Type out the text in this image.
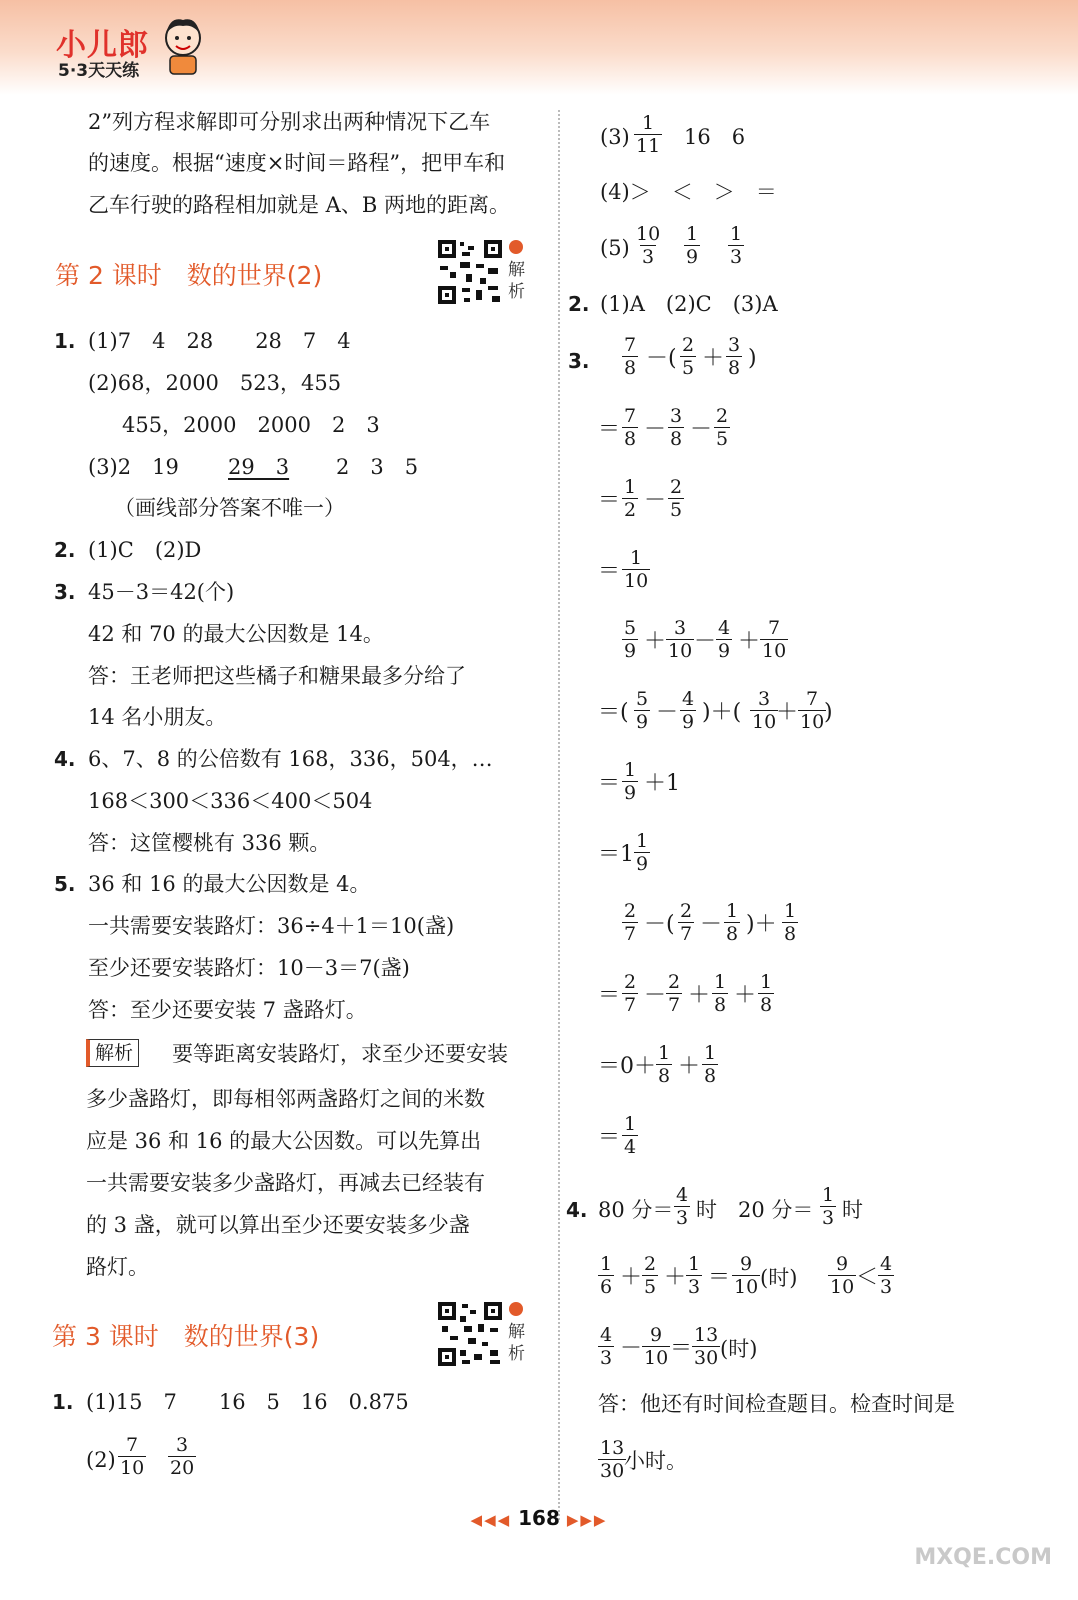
小儿郎
5·3天天练
2”列方程求解即可分别求出两种情况下乙车
的速度。根据“速度×时间＝路程”，把甲车和
乙车行驶的路程相加就是 A、B 两地的距离。
第 2 课时　数的世界(2)	解析
1. (1)7　4　28　　28　7　4
(2)68，2000　523，455
455，2000　2000　2　3
(3)2　19 29　3 2　3　5
（画线部分答案不唯一）
2. (1)C　(2)D
3. 45－3＝42(个)
42 和 70 的最大公因数是 14。
答：王老师把这些橘子和糖果最多分给了
14 名小朋友。
4. 6、7、8 的公倍数有 168，336，504，…
168＜300＜336＜400＜504
答：这筐樱桃有 336 颗。
5. 36 和 16 的最大公因数是 4。
一共需要安装路灯：36÷4＋1＝10(盏)
至少还要安装路灯：10－3＝7(盏)
答：至少还要安装 7 盏路灯。
解析 要等距离安装路灯，求至少还要安装
多少盏路灯，即每相邻两盏路灯之间的米数
应是 36 和 16 的最大公因数。可以先算出
一共需要安装多少盏路灯，再减去已经装有
的 3 盏，就可以算出至少还要安装多少盏
路灯。
第 3 课时　数的世界(3)	解析
1. (1)15　7　　16　5　16　0.875
$(2) \frac{7}{10} \frac{3}{20}$
$(3) \frac{1}{11} 16$　6
(4)＞　＜　＞　＝
$(5) \frac{10}{3} \frac{1}{9} \frac{1}{3}$
2. (1)A　(2)C　(3)A
3. $\frac{7}{8}$ －( $\frac{2}{5} + \frac{3}{8}$ )
＝ $\frac{7}{8} - \frac{3}{8} - \frac{2}{5}$
＝ $\frac{1}{2} - \frac{2}{5}$
＝ $\frac{1}{10}$
$\frac{5}{9} + \frac{3}{10} - \frac{4}{9} + \frac{7}{10}$
＝( $\frac{5}{9} - \frac{4}{9}$ )＋( $\frac{3}{10}$
＋ $\frac{7}{10}$
)
＝ $\frac{1}{9} +1$
$=1 \frac{1}{9}$
$\frac{2}{7}$ －( $\frac{2}{7} - \frac{1}{8}$ )＋ $\frac{1}{8}$
＝ $\frac{2}{7} - \frac{2}{7} + \frac{1}{8} + \frac{1}{8}$
$=0+ \frac{1}{8} + \frac{1}{8}$
＝ $\frac{1}{4}$
4. 80 分＝ $\frac{4}{3}$ 时　20 分＝ $\frac{1}{3}$ 时
$\frac{1}{6} + \frac{2}{5} + \frac{1}{3} = \frac{9}{10}$ (时) $\frac{9}{10} < \frac{4}{3}$
$\frac{4}{3} - \frac{9}{10} = \frac{13}{30}$ (时)
答：他还有时间检查题目。检查时间是
$\frac{13}{30}$
小时。
◀◀◀ 168 ▶▶▶
MXQE.COM
